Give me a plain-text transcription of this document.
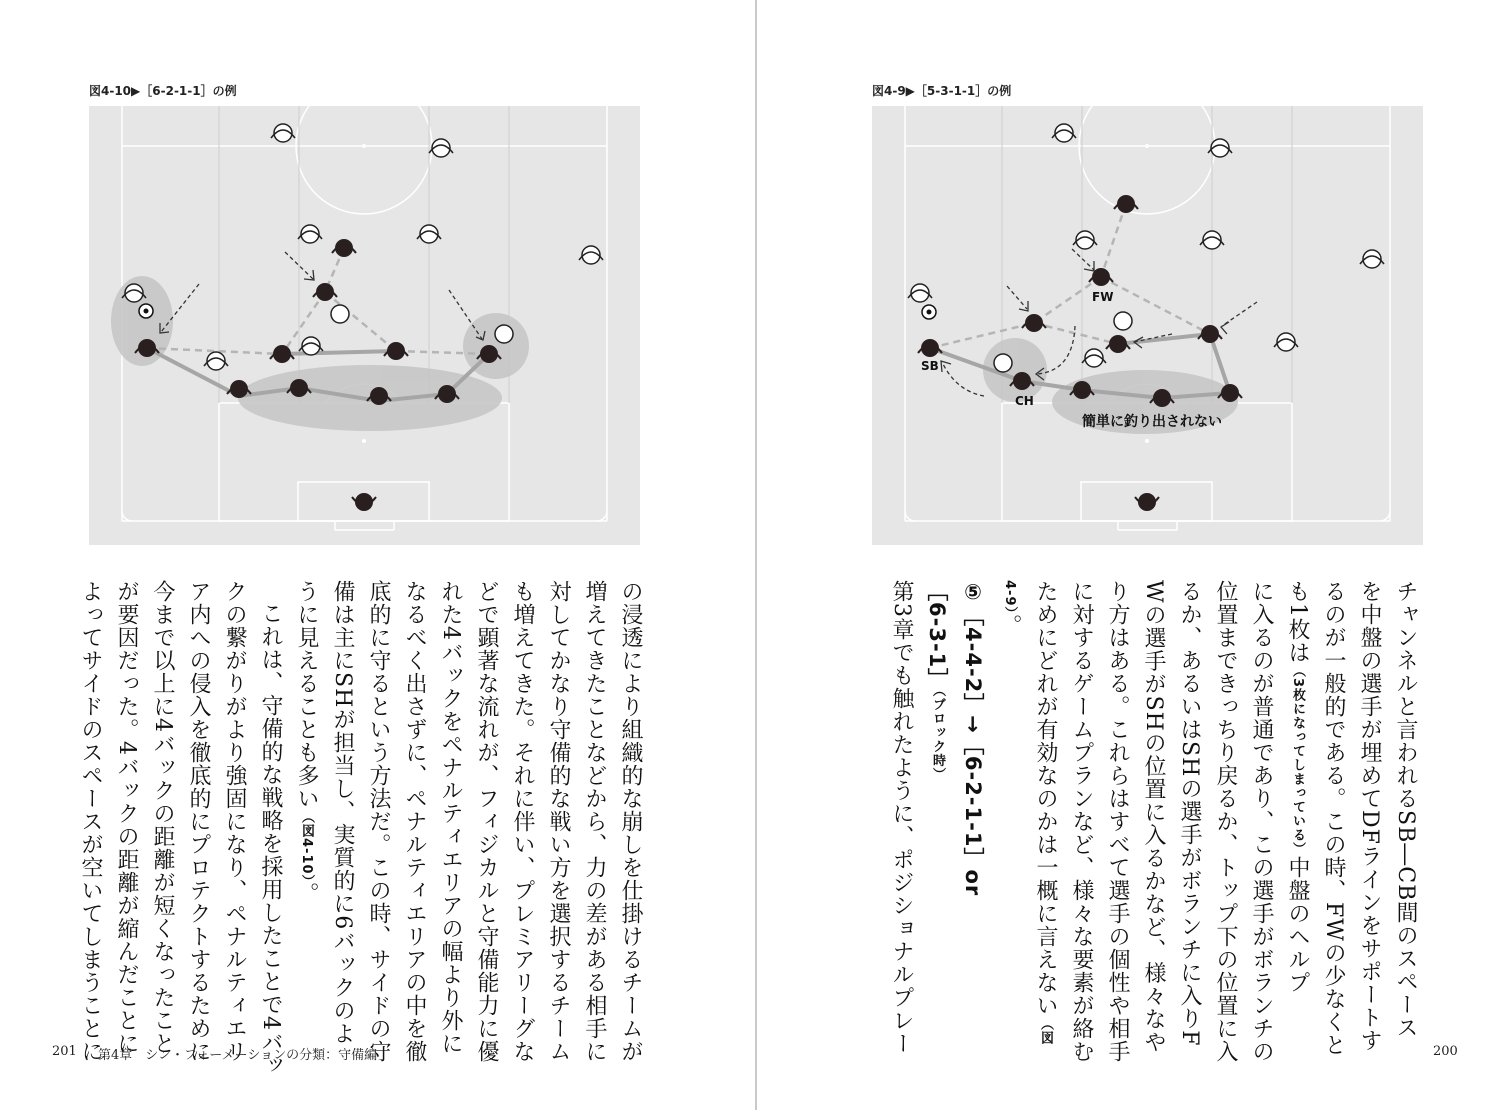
図4-10▶［6-2-1-1］の例

の浸透により組織的な崩しを仕掛けるチームが
増えてきたことなどから、力の差がある相手に
対してかなり守備的な戦い方を選択するチーム
も増えてきた。それに伴い、プレミアリーグな
どで顕著な流れが、フィジカルと守備能力に優
れた4バックをペナルティエリアの幅より外に
なるべく出さずに、ペナルティエリアの中を徹
底的に守るという方法だ。この時、サイドの守
備は主にSHが担当し、実質的に6バックのよ
うに見えることも多い（図4-10）。

これは、守備的な戦略を採用したことで4バッ
クの繋がりがより強固になり、ペナルティエリ
ア内への侵入を徹底的にプロテクトするために
今まで以上に4バックの距離が短くなったこと
が要因だった。4バックの距離が縮んだことに
よってサイドのスペースが空いてしまうことに

201 第4章　シン・フォーメーションの分類：守備編
図4-9▶［5-3-1-1］の例
FW
SB
CH
簡単に釣り出されない

チャンネルと言われるSB―CB間のスペース
を中盤の選手が埋めてDFラインをサポートす
るのが一般的である。この時、FWの少なくと
も1枚は（3枚になってしまっている）中盤のヘルプ
に入るのが普通であり、この選手がボランチの
位置まできっちり戻るか、トップ下の位置に入
るか、あるいはSHの選手がボランチに入りF
Wの選手がSHの位置に入るかなど、様々なや
り方はある。これらはすべて選手の個性や相手
に対するゲームプランなど、様々な要素が絡む
ためにどれが有効なのかは一概に言えない（図
4-9）。

⑤［4-4-2］→［6-2-1-1］or
［6-3-1］（ブロック時）

第3章でも触れたように、ポジショナルプレー	200
